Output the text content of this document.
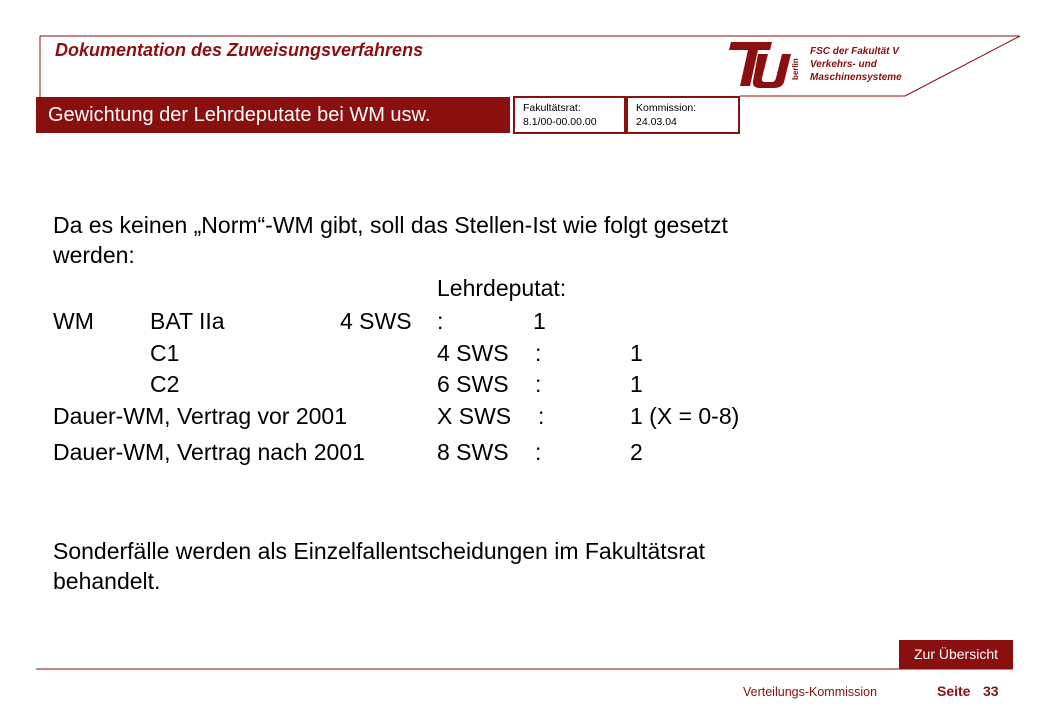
Dokumentation des Zuweisungsverfahrens
berlin
FSC der Fakultät V
Verkehrs- und
Maschinensysteme
Gewichtung der Lehrdeputate bei WM usw.	Fakultätsrat:
8.1/00-00.00.00
Kommission:
24.03.04
Da es keinen „Norm“-WM gibt, soll das Stellen-Ist wie folgt gesetzt
werden:
Lehrdeputat:
WM BAT IIa	4 SWS :	1
C1	4 SWS :	1
C2	6 SWS :	1
Dauer-WM, Vertrag vor 2001	X SWS :	1 (X = 0-8)
Dauer-WM, Vertrag nach 2001	8 SWS :	2
Sonderfälle werden als Einzelfallentscheidungen im Fakultätsrat
behandelt.
Zur Übersicht
Verteilungs-Kommission	Seite 33
